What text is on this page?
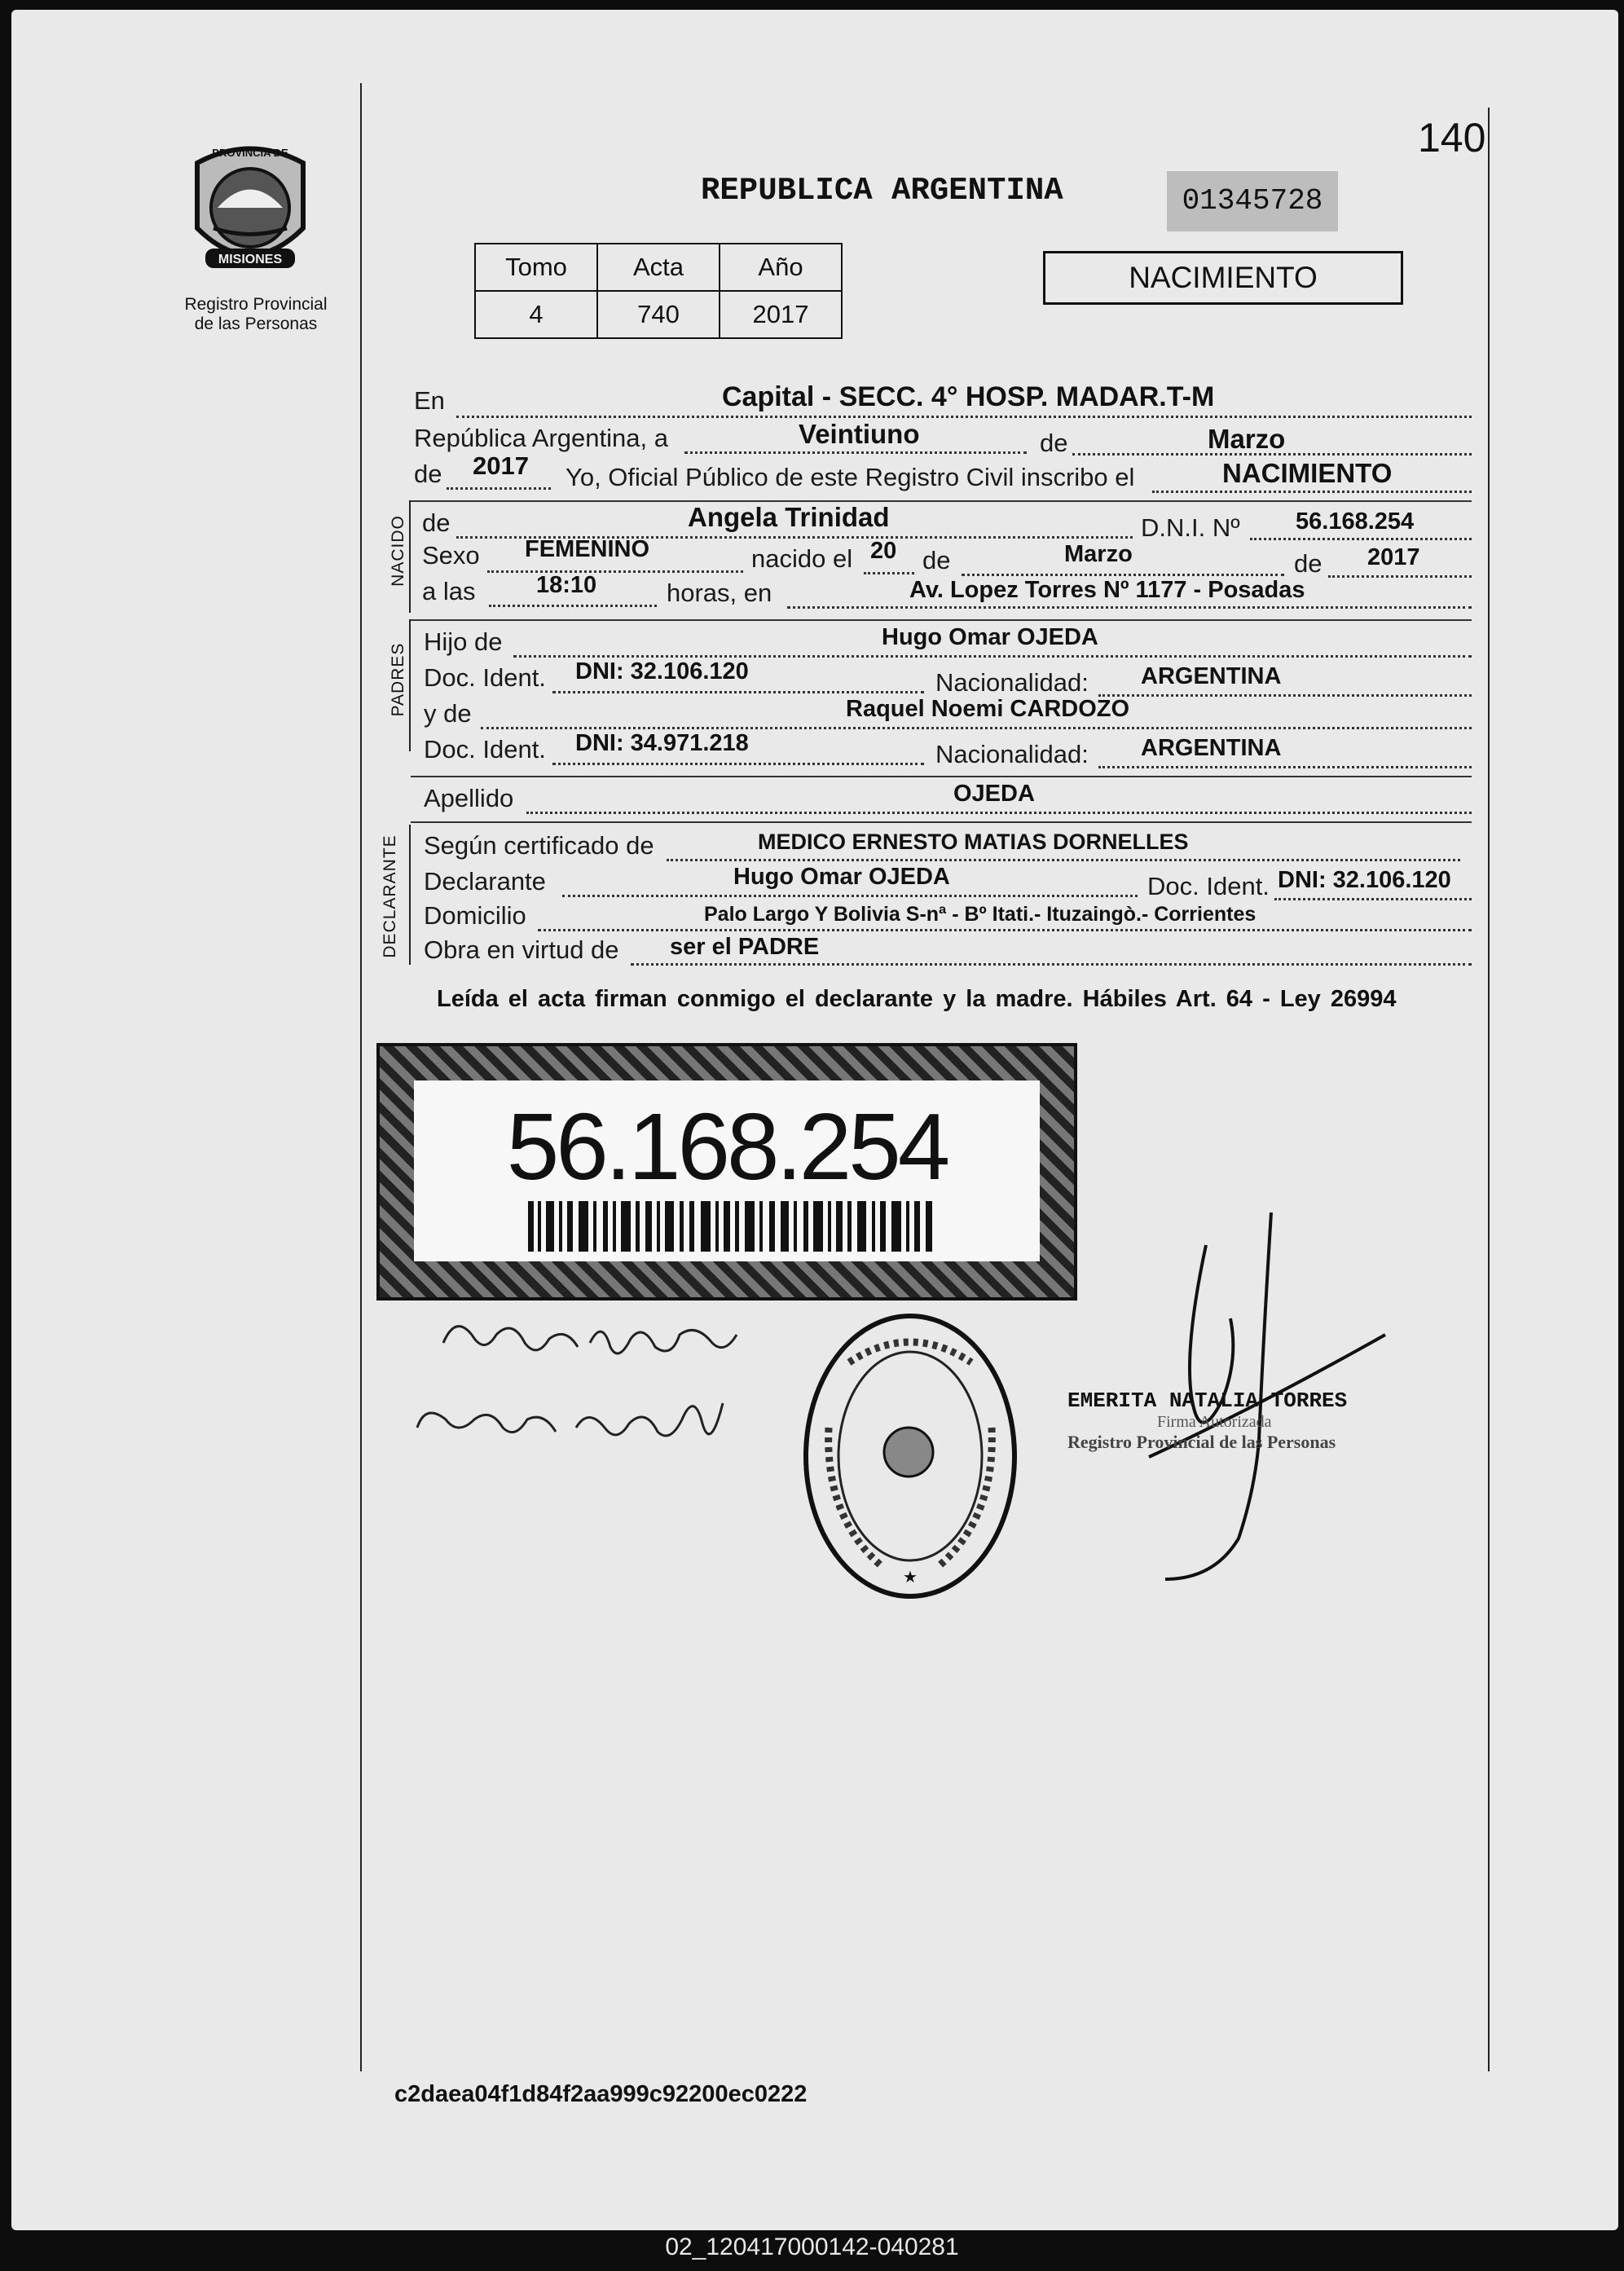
140
MISIONES
PROVINCIA DE
Registro Provincial
de las Personas
REPUBLICA ARGENTINA	01345728
Tomo	Acta	Año
4	740	2017
NACIMIENTO
En	Capital - SECC. 4° HOSP. MADAR.T-M
República Argentina, a	Veintiuno	de	Marzo
de 2017 Yo, Oficial Público de este Registro Civil inscribo el	NACIMIENTO
NACIDO de	Angela Trinidad	D.N.I. Nº 56.168.254
Sexo FEMENINO	nacido el 20 de	Marzo	de 2017
a las	18:10	horas, en	Av. Lopez Torres Nº 1177 - Posadas
PADRES
Hijo de	Hugo Omar OJEDA
Doc. Ident. DNI: 32.106.120	Nacionalidad: ARGENTINA
y de	Raquel Noemi CARDOZO
Doc. Ident. DNI: 34.971.218	Nacionalidad: ARGENTINA
Apellido	OJEDA
DECLARANTE Según certificado de	MEDICO ERNESTO MATIAS DORNELLES
Declarante	Hugo Omar OJEDA	Doc. Ident. DNI: 32.106.120
Domicilio	Palo Largo Y Bolivia S-nª - Bº Itati.- Ituzaingò.- Corrientes
Obra en virtud de ser el PADRE
Leída el acta firman conmigo el declarante y la madre. Hábiles Art. 64 - Ley 26994
56.168.254
★
EMERITA NATALIA TORRES
Firma Autorizada
Registro Provincial de las Personas
c2daea04f1d84f2aa999c92200ec0222
02_120417000142-040281
